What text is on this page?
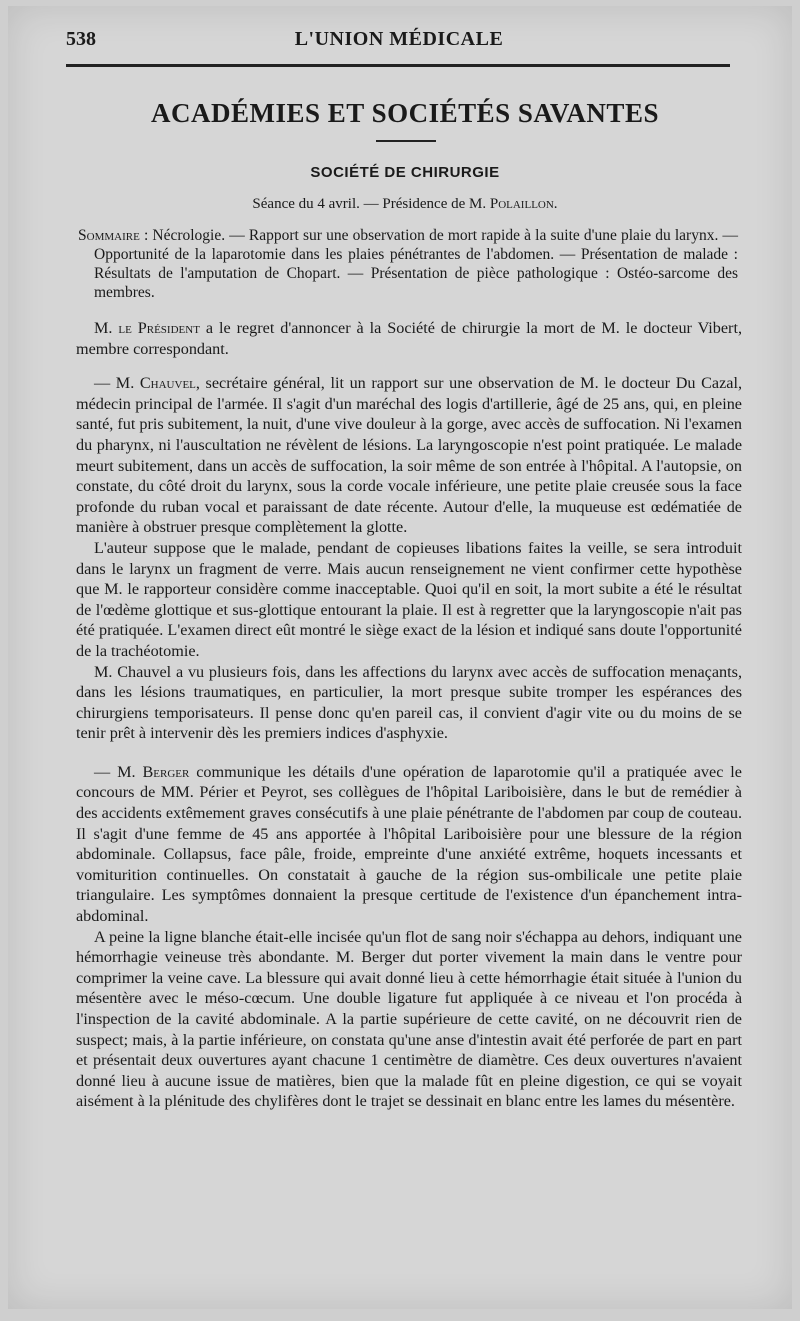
538	L'UNION MÉDICALE
ACADÉMIES ET SOCIÉTÉS SAVANTES
SOCIÉTÉ DE CHIRURGIE
Séance du 4 avril. — Présidence de M. Polaillon.
Sommaire : Nécrologie. — Rapport sur une observation de mort rapide à la suite d'une plaie du larynx. — Opportunité de la laparotomie dans les plaies pénétrantes de l'abdomen. — Présentation de malade : Résultats de l'amputation de Chopart. — Présentation de pièce pathologique : Ostéo-sarcome des membres.

M. le Président a le regret d'annoncer à la Société de chirurgie la mort de M. le docteur Vibert, membre correspondant.

— M. Chauvel, secrétaire général, lit un rapport sur une observation de M. le docteur Du Cazal, médecin principal de l'armée. Il s'agit d'un maréchal des logis d'artillerie, âgé de 25 ans, qui, en pleine santé, fut pris subitement, la nuit, d'une vive douleur à la gorge, avec accès de suffocation. Ni l'examen du pharynx, ni l'auscultation ne révèlent de lésions. La laryngoscopie n'est point pratiquée. Le malade meurt subitement, dans un accès de suffocation, la soir même de son entrée à l'hôpital. A l'autopsie, on constate, du côté droit du larynx, sous la corde vocale inférieure, une petite plaie creusée sous la face profonde du ruban vocal et paraissant de date récente. Autour d'elle, la muqueuse est œdématiée de manière à obstruer presque complètement la glotte.

L'auteur suppose que le malade, pendant de copieuses libations faites la veille, se sera introduit dans le larynx un fragment de verre. Mais aucun renseignement ne vient confirmer cette hypothèse que M. le rapporteur considère comme inacceptable. Quoi qu'il en soit, la mort subite a été le résultat de l'œdème glottique et sus-glottique entourant la plaie. Il est à regretter que la laryngoscopie n'ait pas été pratiquée. L'examen direct eût montré le siège exact de la lésion et indiqué sans doute l'opportunité de la trachéotomie.

M. Chauvel a vu plusieurs fois, dans les affections du larynx avec accès de suffocation menaçants, dans les lésions traumatiques, en particulier, la mort presque subite tromper les espérances des chirurgiens temporisateurs. Il pense donc qu'en pareil cas, il convient d'agir vite ou du moins de se tenir prêt à intervenir dès les premiers indices d'asphyxie.

— M. Berger communique les détails d'une opération de laparotomie qu'il a pratiquée avec le concours de MM. Périer et Peyrot, ses collègues de l'hôpital Lariboisière, dans le but de remédier à des accidents extêmement graves consécutifs à une plaie pénétrante de l'abdomen par coup de couteau. Il s'agit d'une femme de 45 ans apportée à l'hôpital Lariboisière pour une blessure de la région abdominale. Collapsus, face pâle, froide, empreinte d'une anxiété extrême, hoquets incessants et vomiturition continuelles. On constatait à gauche de la région sus-ombilicale une petite plaie triangulaire. Les symptômes donnaient la presque certitude de l'existence d'un épanchement intra-abdominal.

A peine la ligne blanche était-elle incisée qu'un flot de sang noir s'échappa au dehors, indiquant une hémorrhagie veineuse très abondante. M. Berger dut porter vivement la main dans le ventre pour comprimer la veine cave. La blessure qui avait donné lieu à cette hémorrhagie était située à l'union du mésentère avec le méso-cœcum. Une double ligature fut appliquée à ce niveau et l'on procéda à l'inspection de la cavité abdominale. A la partie supérieure de cette cavité, on ne découvrit rien de suspect; mais, à la partie inférieure, on constata qu'une anse d'intestin avait été perforée de part en part et présentait deux ouvertures ayant chacune 1 centimètre de diamètre. Ces deux ouvertures n'avaient donné lieu à aucune issue de matières, bien que la malade fût en pleine digestion, ce qui se voyait aisément à la plénitude des chylifères dont le trajet se dessinait en blanc entre les lames du mésentère.
